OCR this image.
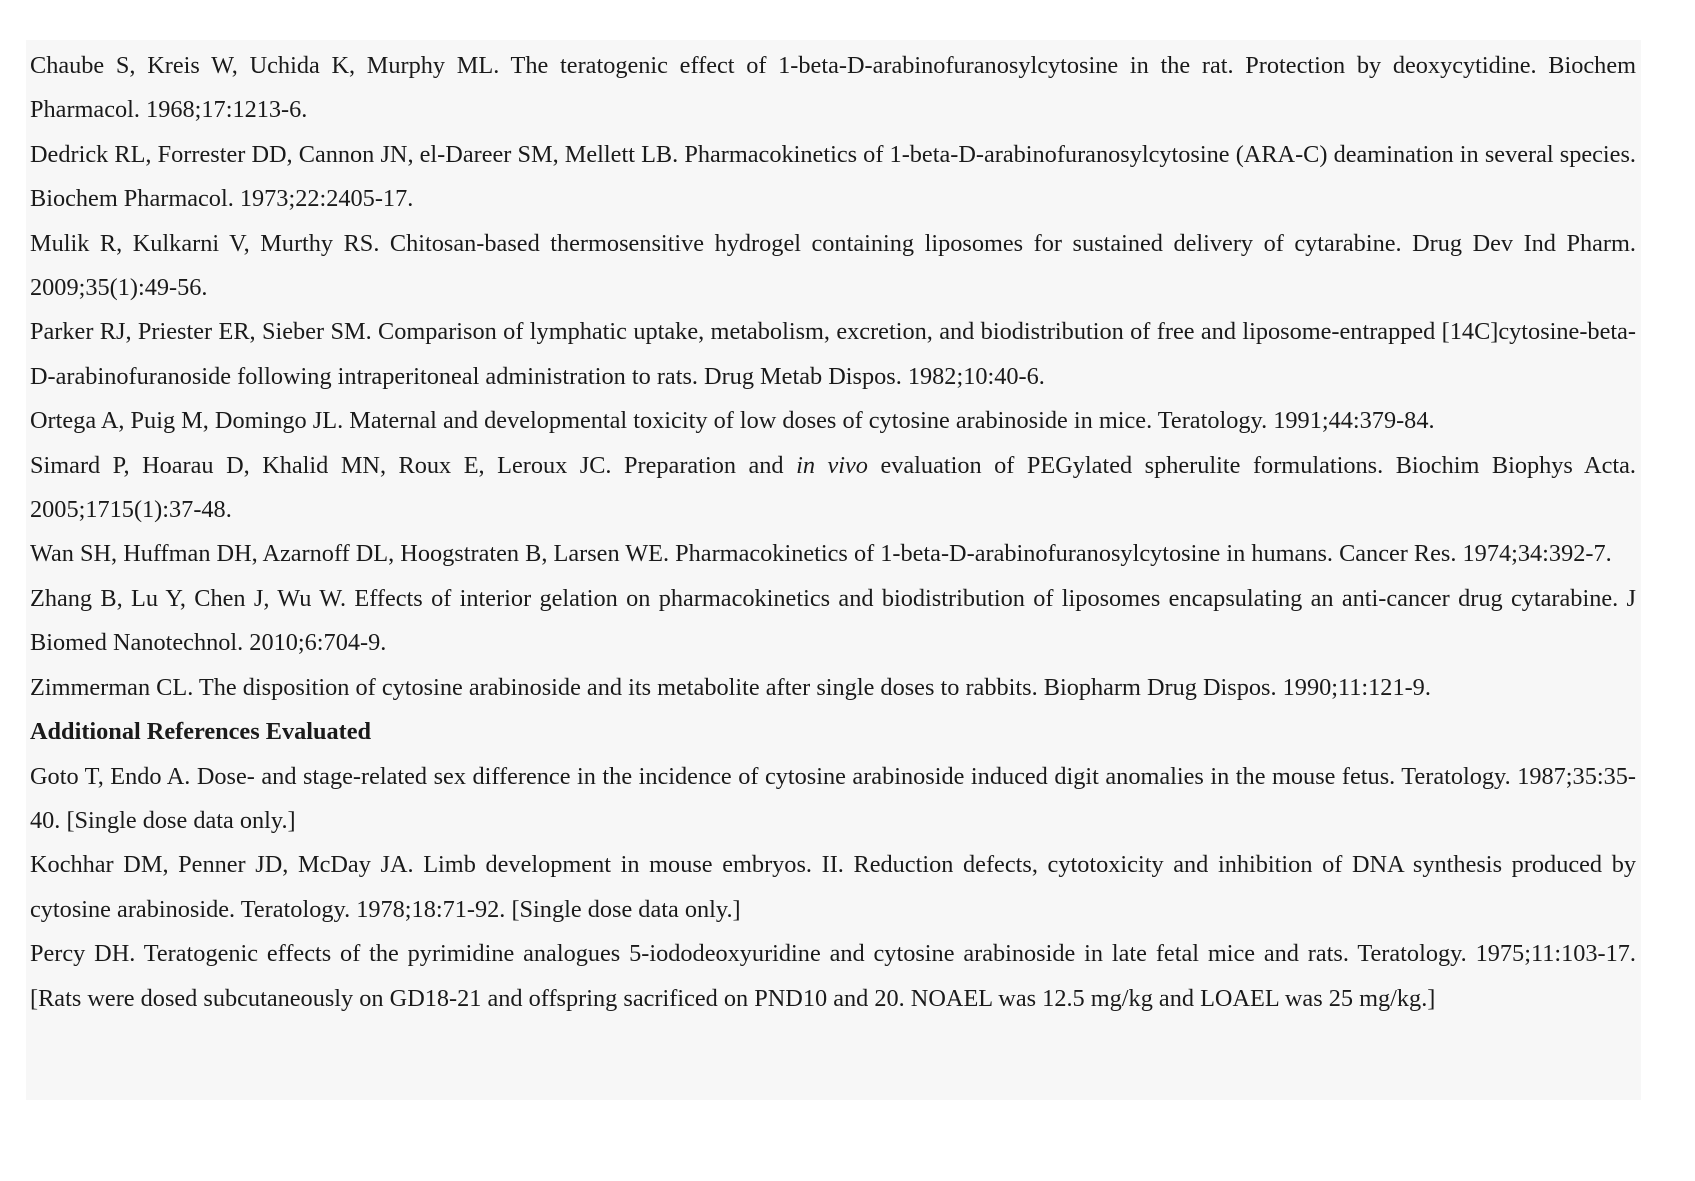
Chaube S, Kreis W, Uchida K, Murphy ML. The teratogenic effect of 1-beta-D-arabinofuranosylcytosine in the rat. Protection by deoxycytidine. Biochem Pharmacol. 1968;17:1213-6.

Dedrick RL, Forrester DD, Cannon JN, el-Dareer SM, Mellett LB. Pharmacokinetics of 1-beta-D-arabinofuranosylcytosine (ARA-C) deamination in several species. Biochem Pharmacol. 1973;22:2405-17.

Mulik R, Kulkarni V, Murthy RS. Chitosan-based thermosensitive hydrogel containing liposomes for sustained delivery of cytarabine. Drug Dev Ind Pharm. 2009;35(1):49-56.

Parker RJ, Priester ER, Sieber SM. Comparison of lymphatic uptake, metabolism, excretion, and biodistribution of free and liposome-entrapped [14C]cytosine-beta-D-arabinofuranoside following intraperitoneal administration to rats. Drug Metab Dispos. 1982;10:40-6.

Ortega A, Puig M, Domingo JL. Maternal and developmental toxicity of low doses of cytosine arabinoside in mice. Teratology. 1991;44:379-84.

Simard P, Hoarau D, Khalid MN, Roux E, Leroux JC. Preparation and in vivo evaluation of PEGylated spherulite formulations. Biochim Biophys Acta. 2005;1715(1):37-48.

Wan SH, Huffman DH, Azarnoff DL, Hoogstraten B, Larsen WE. Pharmacokinetics of 1-beta-D-arabinofuranosylcytosine in humans. Cancer Res. 1974;34:392-7.

Zhang B, Lu Y, Chen J, Wu W. Effects of interior gelation on pharmacokinetics and biodistribution of liposomes encapsulating an anti-cancer drug cytarabine. J Biomed Nanotechnol. 2010;6:704-9.

Zimmerman CL. The disposition of cytosine arabinoside and its metabolite after single doses to rabbits. Biopharm Drug Dispos. 1990;11:121-9.

Additional References Evaluated

Goto T, Endo A. Dose- and stage-related sex difference in the incidence of cytosine arabinoside induced digit anomalies in the mouse fetus. Teratology. 1987;35:35-40. [Single dose data only.]

Kochhar DM, Penner JD, McDay JA. Limb development in mouse embryos. II. Reduction defects, cytotoxicity and inhibition of DNA synthesis produced by cytosine arabinoside. Teratology. 1978;18:71-92. [Single dose data only.]

Percy DH. Teratogenic effects of the pyrimidine analogues 5-iododeoxyuridine and cytosine arabinoside in late fetal mice and rats. Teratology. 1975;11:103-17. [Rats were dosed subcutaneously on GD18-21 and offspring sacrificed on PND10 and 20. NOAEL was 12.5 mg/kg and LOAEL was 25 mg/kg.]
